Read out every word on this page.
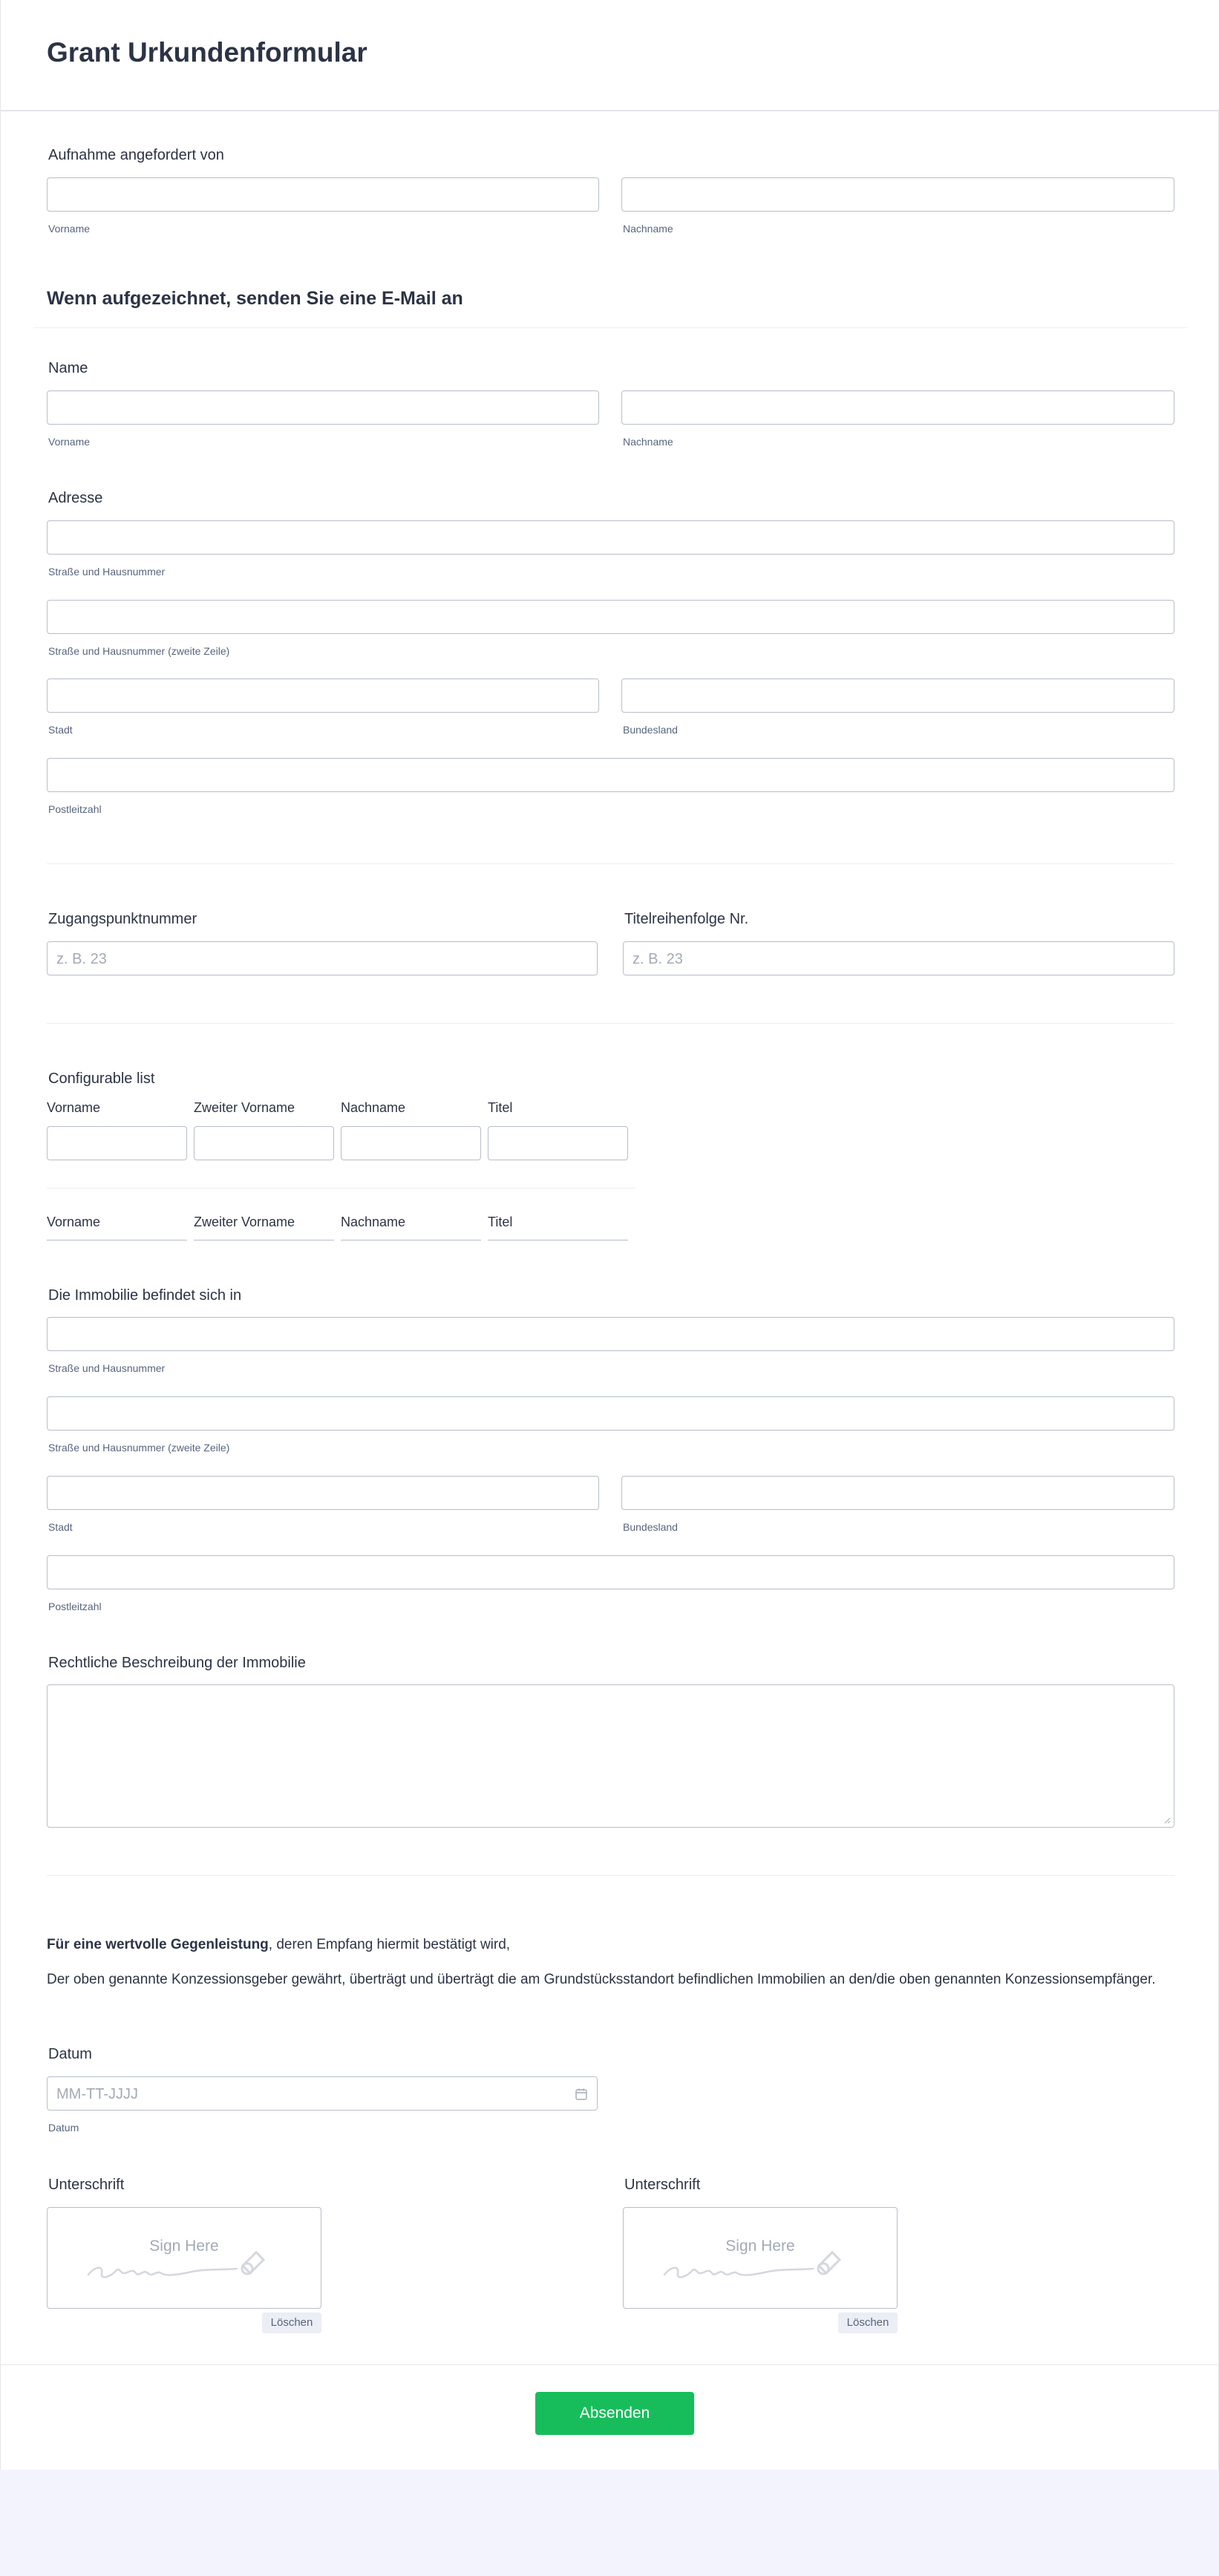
Grant Urkundenformular
Aufnahme angefordert von
Vorname	Nachname
Wenn aufgezeichnet, senden Sie eine E-Mail an
Name
Vorname	Nachname
Adresse
Straße und Hausnummer
Straße und Hausnummer (zweite Zeile)
Stadt	Bundesland
Postleitzahl
Zugangspunktnummer
z. B. 23
Titelreihenfolge Nr.
z. B. 23
Configurable list
Vorname	Zweiter Vorname	Nachname	Titel
Vorname	Zweiter Vorname	Nachname	Titel
Die Immobilie befindet sich in
Straße und Hausnummer
Straße und Hausnummer (zweite Zeile)
Stadt	Bundesland
Postleitzahl
Rechtliche Beschreibung der Immobilie
Für eine wertvolle Gegenleistung, deren Empfang hiermit bestätigt wird,
Der oben genannte Konzessionsgeber gewährt, überträgt und überträgt die am Grundstücksstandort befindlichen Immobilien an den/die oben genannten Konzessionsempfänger.
Datum
MM-TT-JJJJ
Datum
Unterschrift
Sign Here
Löschen
Unterschrift
Sign Here
Löschen
Absenden
